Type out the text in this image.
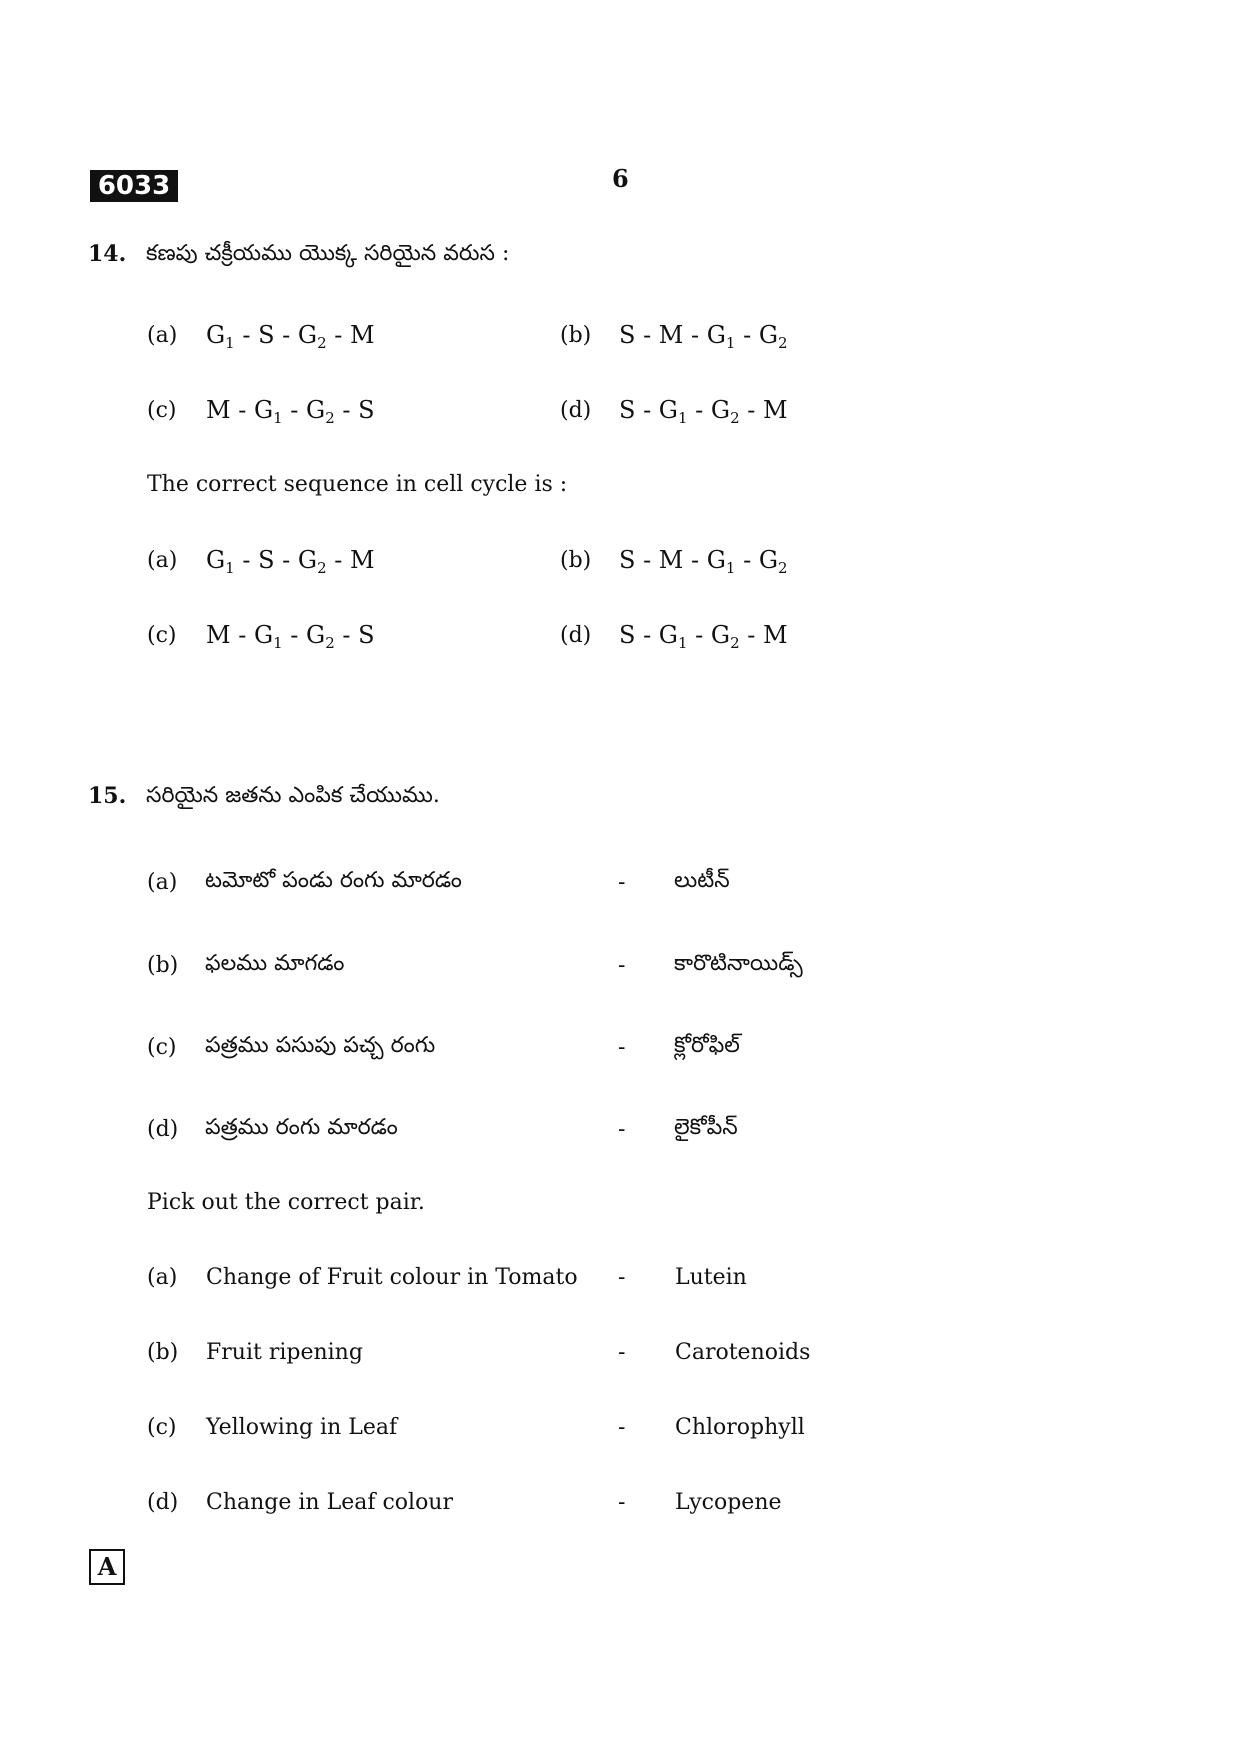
6033	6
14. కణపు చక్రీయము యొక్క సరియైన వరుస :
(a) $G_1$ - S - $G_2$ - M	(b) S - M - $G_1 - G_2$
(c) M - $G_1 - G_2$ - S	(d) S - $G_1 - G_2$ - M
The correct sequence in cell cycle is :
(a) $G_1$ - S - $G_2$ - M	(b) S - M - $G_1 - G_2$
(c) M - $G_1 - G_2$ - S	(d) S - $G_1 - G_2$ - M
15. సరియైన జతను ఎంపిక చేయుము.
(a) టమోటో పండు రంగు మారడం	- లుటీన్
(b) ఫలము మాగడం	- కారొటినాయిడ్స్
(c) పత్రము పసుపు పచ్చ రంగు	- క్లోరోఫిల్
(d) పత్రము రంగు మారడం	- లైకోపీన్
Pick out the correct pair.
(a) Change of Fruit colour in Tomato - Lutein
(b) Fruit ripening	- Carotenoids
(c) Yellowing in Leaf	- Chlorophyll
(d) Change in Leaf colour	- Lycopene
A
